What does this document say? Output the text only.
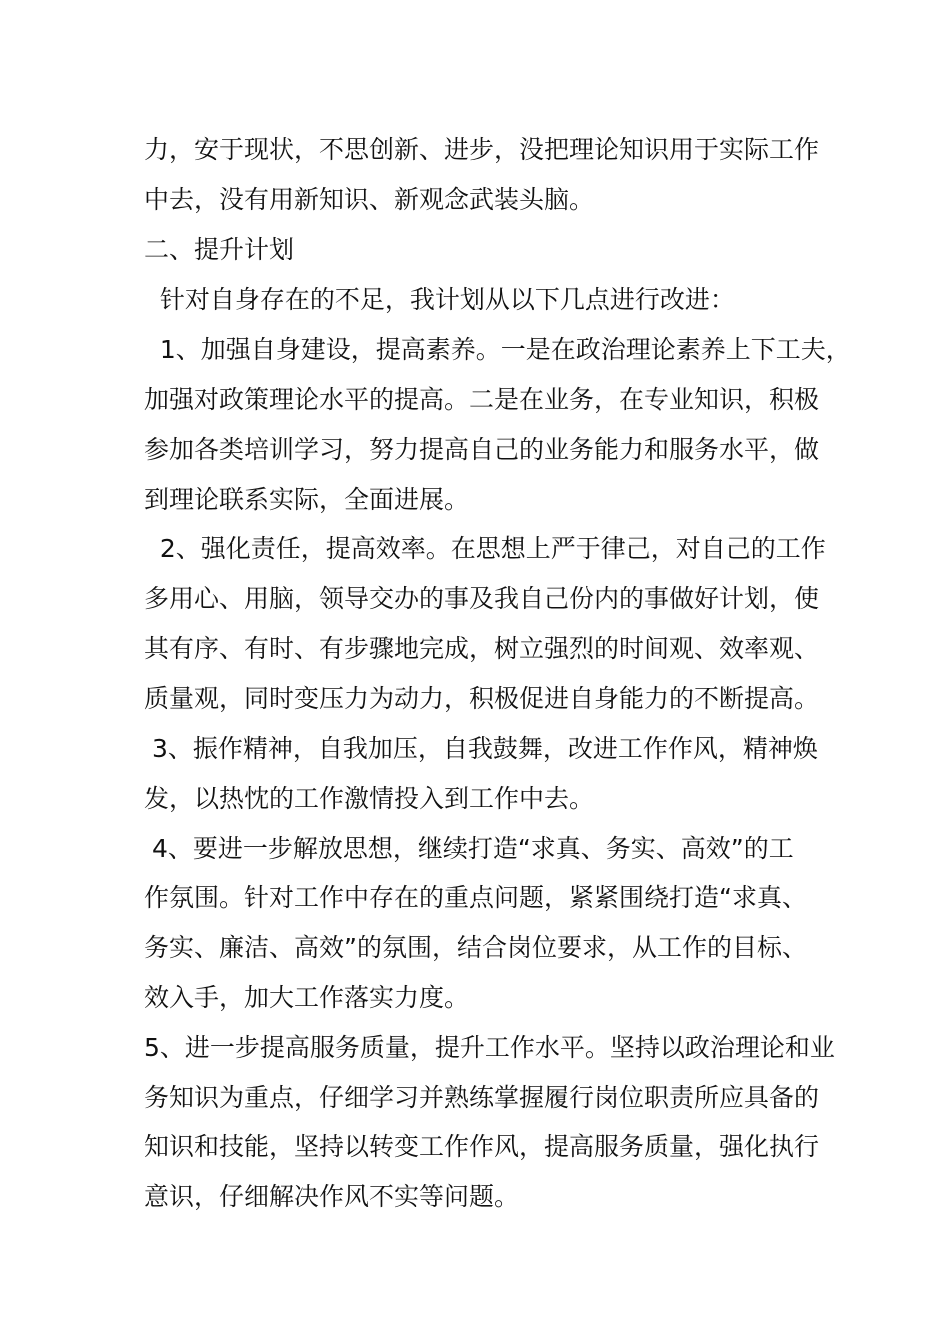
力，安于现状，不思创新、进步，没把理论知识用于实际工作
中去，没有用新知识、新观念武装头脑。
二、提升计划
针对自身存在的不足，我计划从以下几点进行改进：
1、加强自身建设，提高素养。一是在政治理论素养上下工夫，
加强对政策理论水平的提高。二是在业务，在专业知识，积极
参加各类培训学习，努力提高自己的业务能力和服务水平，做
到理论联系实际，全面进展。
2、强化责任，提高效率。在思想上严于律己，对自己的工作
多用心、用脑，领导交办的事及我自己份内的事做好计划，使
其有序、有时、有步骤地完成，树立强烈的时间观、效率观、
质量观，同时变压力为动力，积极促进自身能力的不断提高。
3、振作精神，自我加压，自我鼓舞，改进工作作风，精神焕
发，以热忱的工作激情投入到工作中去。
4、要进一步解放思想，继续打造“求真、务实、高效”的工
作氛围。针对工作中存在的重点问题，紧紧围绕打造“求真、
务实、廉洁、高效”的氛围，结合岗位要求，从工作的目标、
效入手，加大工作落实力度。
5、进一步提高服务质量，提升工作水平。坚持以政治理论和业
务知识为重点，仔细学习并熟练掌握履行岗位职责所应具备的
知识和技能，坚持以转变工作作风，提高服务质量，强化执行
意识，仔细解决作风不实等问题。
